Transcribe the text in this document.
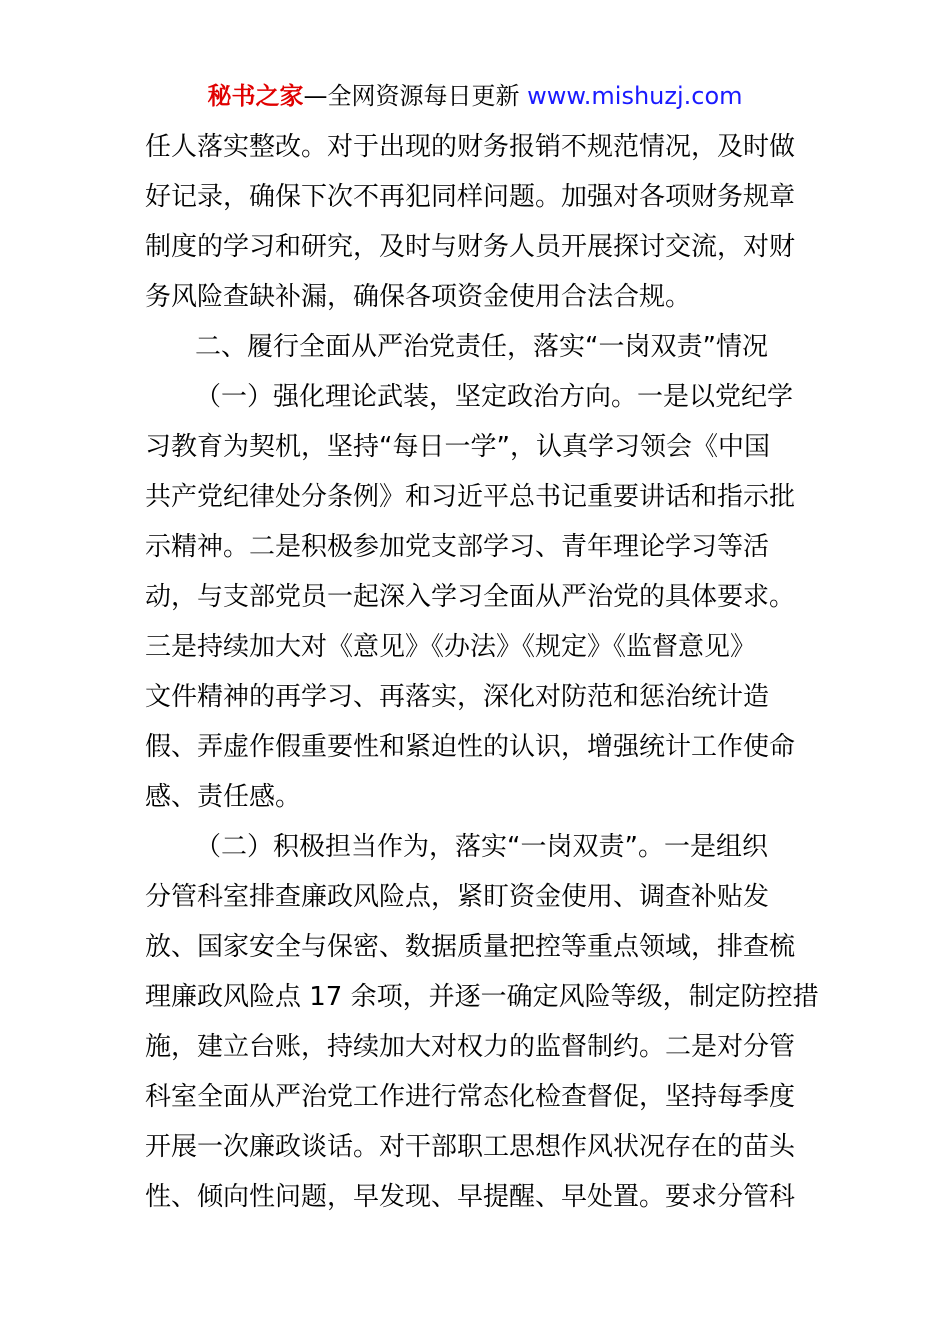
秘书之家—全网资源每日更新 www.mishuzj.com
任人落实整改。对于出现的财务报销不规范情况，及时做
好记录，确保下次不再犯同样问题。加强对各项财务规章
制度的学习和研究，及时与财务人员开展探讨交流，对财
务风险查缺补漏，确保各项资金使用合法合规。
二、履行全面从严治党责任，落实“一岗双责”情况
（一）强化理论武装，坚定政治方向。一是以党纪学
习教育为契机，坚持“每日一学”，认真学习领会《中国
共产党纪律处分条例》和习近平总书记重要讲话和指示批
示精神。二是积极参加党支部学习、青年理论学习等活
动，与支部党员一起深入学习全面从严治党的具体要求。
三是持续加大对《意见》《办法》《规定》《监督意见》
文件精神的再学习、再落实，深化对防范和惩治统计造
假、弄虚作假重要性和紧迫性的认识，增强统计工作使命
感、责任感。
（二）积极担当作为，落实“一岗双责”。一是组织
分管科室排查廉政风险点，紧盯资金使用、调查补贴发
放、国家安全与保密、数据质量把控等重点领域，排查梳
理廉政风险点 17 余项，并逐一确定风险等级，制定防控措
施，建立台账，持续加大对权力的监督制约。二是对分管
科室全面从严治党工作进行常态化检查督促，坚持每季度
开展一次廉政谈话。对干部职工思想作风状况存在的苗头
性、倾向性问题，早发现、早提醒、早处置。要求分管科
